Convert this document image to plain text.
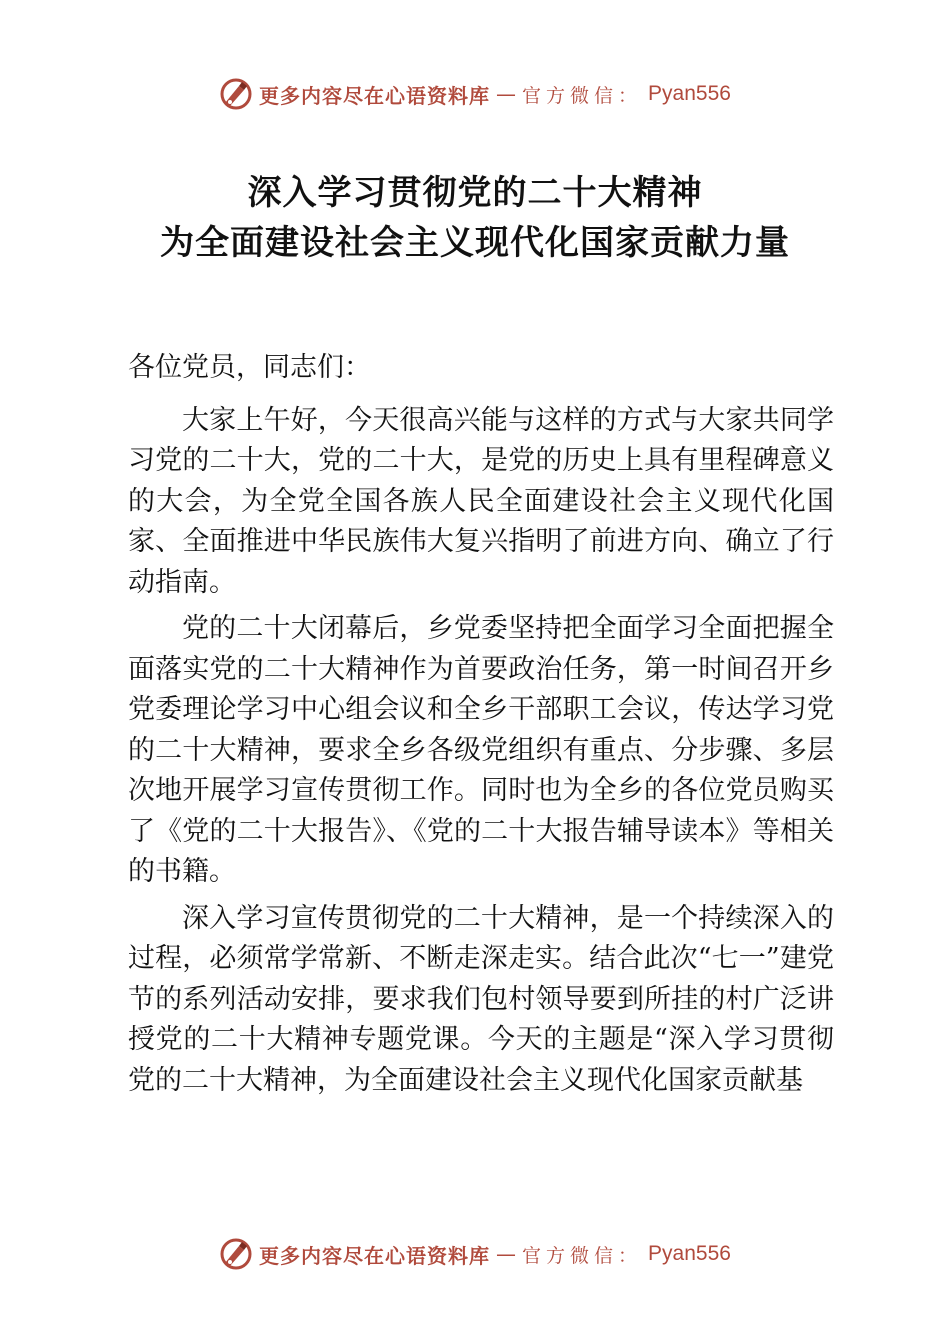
更多内容尽在心语资料库 — 官方微信： Pyan556
深入学习贯彻党的二十大精神
为全面建设社会主义现代化国家贡献力量

各位党员，同志们：

大家上午好，今天很高兴能与这样的方式与大家共同学习党的二十大，党的二十大，是党的历史上具有里程碑意义的大会，为全党全国各族人民全面建设社会主义现代化国家、全面推进中华民族伟大复兴指明了前进方向、确立了行动指南。

党的二十大闭幕后，乡党委坚持把全面学习全面把握全面落实党的二十大精神作为首要政治任务，第一时间召开乡党委理论学习中心组会议和全乡干部职工会议，传达学习党的二十大精神，要求全乡各级党组织有重点、分步骤、多层次地开展学习宣传贯彻工作。同时也为全乡的各位党员购买了《党的二十大报告》、《党的二十大报告辅导读本》等相关的书籍。

深入学习宣传贯彻党的二十大精神，是一个持续深入的过程，必须常学常新、不断走深走实。结合此次“七一”建党节的系列活动安排，要求我们包村领导要到所挂的村广泛讲授党的二十大精神专题党课。今天的主题是“深入学习贯彻党的二十大精神，为全面建设社会主义现代化国家贡献基

更多内容尽在心语资料库 — 官方微信： Pyan556
